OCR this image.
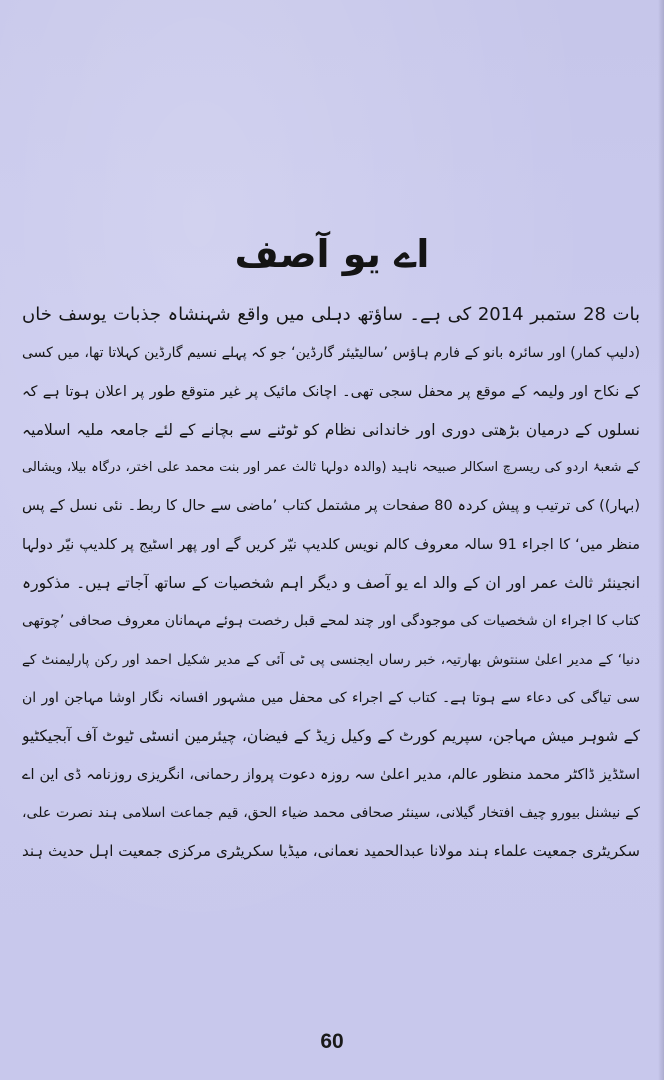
اے یو آصف
بات 28 ستمبر 2014 کی ہے۔ ساؤتھ دہلی میں واقع شہنشاہ جذبات یوسف خاں
(دلیپ کمار) اور سائرہ بانو کے فارم ہاؤس ’سالیٹیئر گارڈین‘ جو کہ پہلے نسیم گارڈین کہلاتا تھا، میں کسی
کے نکاح اور ولیمہ کے موقع پر محفل سجی تھی۔ اچانک مائیک پر غیر متوقع طور پر اعلان ہوتا ہے کہ
نسلوں کے درمیان بڑھتی دوری اور خاندانی نظام کو ٹوٹنے سے بچانے کے لئے جامعہ ملیہ اسلامیہ
کے شعبۂ اردو کی ریسرچ اسکالر صبیحہ ناہید (والدہ دولہا ثالث عمر اور بنت محمد علی اختر، درگاہ بیلا، ویشالی
(بہار)) کی ترتیب و پیش کردہ 80 صفحات پر مشتمل کتاب ’ماضی سے حال کا ربط۔ نئی نسل کے پس
منظر میں‘ کا اجراء 91 سالہ معروف کالم نویس کلدیپ نیّر کریں گے اور پھر اسٹیج پر کلدیپ نیّر دولہا
انجینئر ثالث عمر اور ان کے والد اے یو آصف و دیگر اہم شخصیات کے ساتھ آجاتے ہیں۔ مذکورہ
کتاب کا اجراء ان شخصیات کی موجودگی اور چند لمحے قبل رخصت ہوئے مہمانان معروف صحافی ’چوتھی
دنیا‘ کے مدیر اعلیٰ سنتوش بھارتیہ، خبر رساں ایجنسی پی ٹی آئی کے مدیر شکیل احمد اور رکن پارلیمنٹ کے
سی تیاگی کی دعاء سے ہوتا ہے۔ کتاب کے اجراء کی محفل میں مشہور افسانہ نگار اوشا مہاجن اور ان
کے شوہر میش مہاجن، سپریم کورٹ کے وکیل زیڈ کے فیضان، چیئرمین انسٹی ٹیوٹ آف آبجیکٹیو
اسٹڈیز ڈاکٹر محمد منظور عالم، مدیر اعلیٰ سہ روزہ دعوت پرواز رحمانی، انگریزی روزنامہ ڈی این اے
کے نیشنل بیورو چیف افتخار گیلانی، سینئر صحافی محمد ضیاء الحق، قیم جماعت اسلامی ہند نصرت علی،
سکریٹری جمعیت علماء ہند مولانا عبدالحمید نعمانی، میڈیا سکریٹری مرکزی جمعیت اہل حدیث ہند
60
